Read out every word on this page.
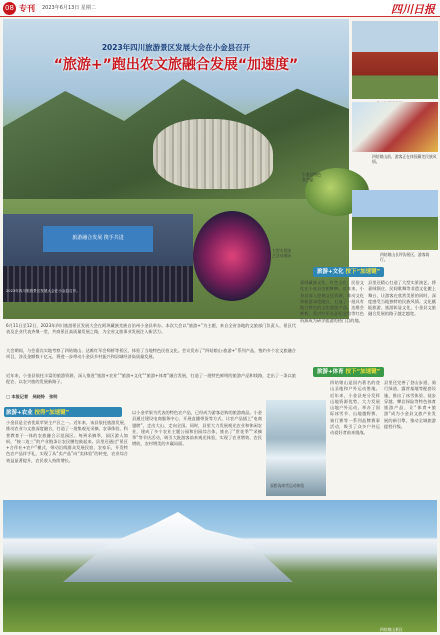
08 专刊 2023年6月13日 星期二	四川日报
2023年四川旅游景区发展大会在小金县召开
“旅游+”跑出农文旅融合发展“加速度”
旅游融合发展 携手共进
2023年四川旅游景区发展大会在小金县召开。
四姑娘山前，游客正在体验藏羌民族风情。
小金县特色农产品
四姑娘山长坪沟景区，游客骑行。
大型实景演艺活动现场
6月11日至12日，2023年四川旅游景区发展大会在阿坝藏族羌族自治州小金县举办。本次大会以“旅游+”为主题，来自全省各地的文旅部门负责人、景区代表及企业代表齐聚一堂，共商景区高质量发展之路，为全省文旅事业发展注入新活力。
大会期间，与会嘉宾实地考察了四姑娘山、达维红军会师桥等景区，体验了当地特色民俗文化。会议发布了“四姑娘山·旅游+”系列产品，签约多个农文旅融合项目，涉及金额数十亿元，将进一步带动小金县乡村振兴和县域经济高质量发展。
近年来，小金县依托丰富的旅游资源，深入推进“旅游+农业”“旅游+文化”“旅游+体育”融合发展，打造了一批特色鲜明的旅游产品和线路，走出了一条以旅促农、以农兴旅的发展新路子。
□ 本报记者　吴晓铃　张明
旅游+农业 按得“加速键”
小金县是全省优质苹果主产区之一。近年来，该县依托旅游发展，推动农业与文旅深度融合，打造了一批集观光采摘、农事体验、科普教育于一体的农旅融合示范园区。每到采摘季，园区游人如织，“接二连三”的产业链条让农民腰包鼓起来。县里还通过“景区+合作社+农户”模式，带动沿线群众发展民宿、农家乐，开发特色农产品伴手礼，实现了从“卖产品”向“卖体验”的转变，农业综合效益显著提升，农民收入持续增长。
以小金苹果为代表的特色农产品，已经成为游客必购的旅游商品。小金县通过建设电商服务中心、开展直播带货等方式，让农产品插上“电商翅膀”，走出大山、走向全国。同时，县里大力发展观光农业和休闲农业，建成了多个农业主题公园和田园综合体，推出了“赏花季”“采摘季”等节庆活动，吸引大批游客前来观光体验，实现了农业增效、农民增收、农村增美的多赢局面。
旅游+文化 按下“加速键”
嘉绒藏族文化、红色文化、民俗文化在小金县交相辉映。近年来，小金县深入挖掘文化资源，推动文化和旅游深度融合，打造了一批具有地方特色的文化旅游产品。达维会师桥、美兴红军长征纪念馆等红色资源成为研学旅游的热门目的地。
县里还精心打造了大型实景演艺，将嘉绒锅庄、民间歌舞等非遗文化搬上舞台，让游客在欣赏美景的同时，深度感受当地独特的民族风情。文化赋能旅游，旅游彰显文化，小金县文旅融合发展的路子越走越宽。
旅游+体育 按下“加速键”
四姑娘山是国内著名的登山圣地和户外运动胜地。近年来，小金县充分发挥山地资源优势，大力发展山地户外运动，举办了国际冰雪节、山地越野赛、骑行赛等一系列品牌赛事活动，吸引了众多户外运动爱好者前来挑战。
县里还完善了登山步道、骑行绿道、露营基地等配套设施，推出了冰雪体验、徒步穿越、攀岩探险等特色体育旅游产品，让“体育+旅游”成为小金县文旅产业发展的新引擎，推动全域旅游提档升级。
双桥沟冰雪运动体验
四姑娘山景区
